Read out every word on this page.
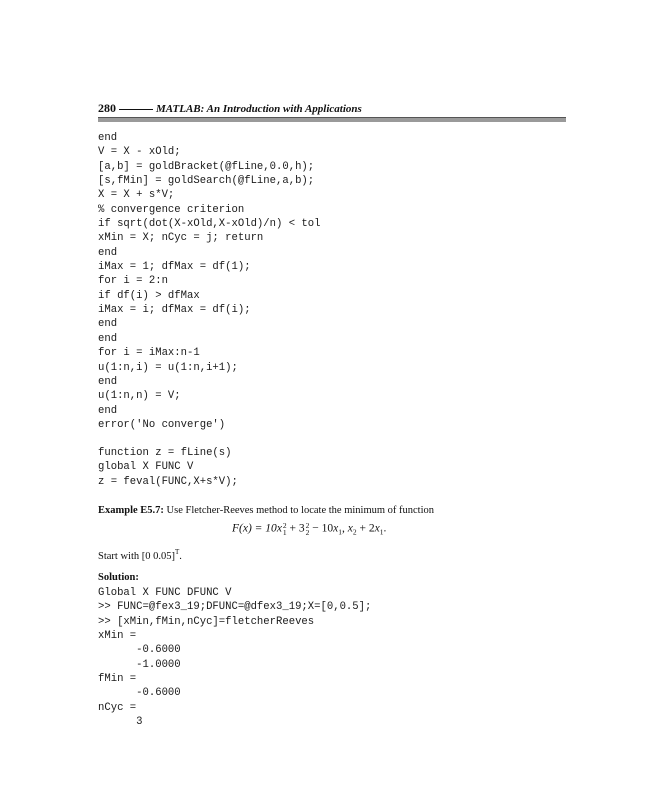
280	MATLAB: An Introduction with Applications
end
V = X - xOld;
[a,b] = goldBracket(@fLine,0.0,h);
[s,fMin] = goldSearch(@fLine,a,b);
X = X + s*V;
% convergence criterion
if sqrt(dot(X-xOld,X-xOld)/n) < tol
xMin = X; nCyc = j; return
end
iMax = 1; dfMax = df(1);
for i = 2:n
if df(i) > dfMax
iMax = i; dfMax = df(i);
end
end
for i = iMax:n-1
u(1:n,i) = u(1:n,i+1);
end
u(1:n,n) = V;
end
error('No converge')
function z = fLine(s)
global X FUNC V
z = feval(FUNC,X+s*V);
Example E5.7: Use Fletcher-Reeves method to locate the minimum of function
F(x) = 10x2
1 + 32
$2 - 10x_1$, $x_2 + 2x_1$.
Start with [0 0.05]$^T$.
Solution:
Global X FUNC DFUNC V
>> FUNC=@fex3_19;DFUNC=@dfex3_19;X=[0,0.5];
>> [xMin,fMin,nCyc]=fletcherReeves
xMin =
-0.6000
-1.0000
fMin =
-0.6000
nCyc =
3
